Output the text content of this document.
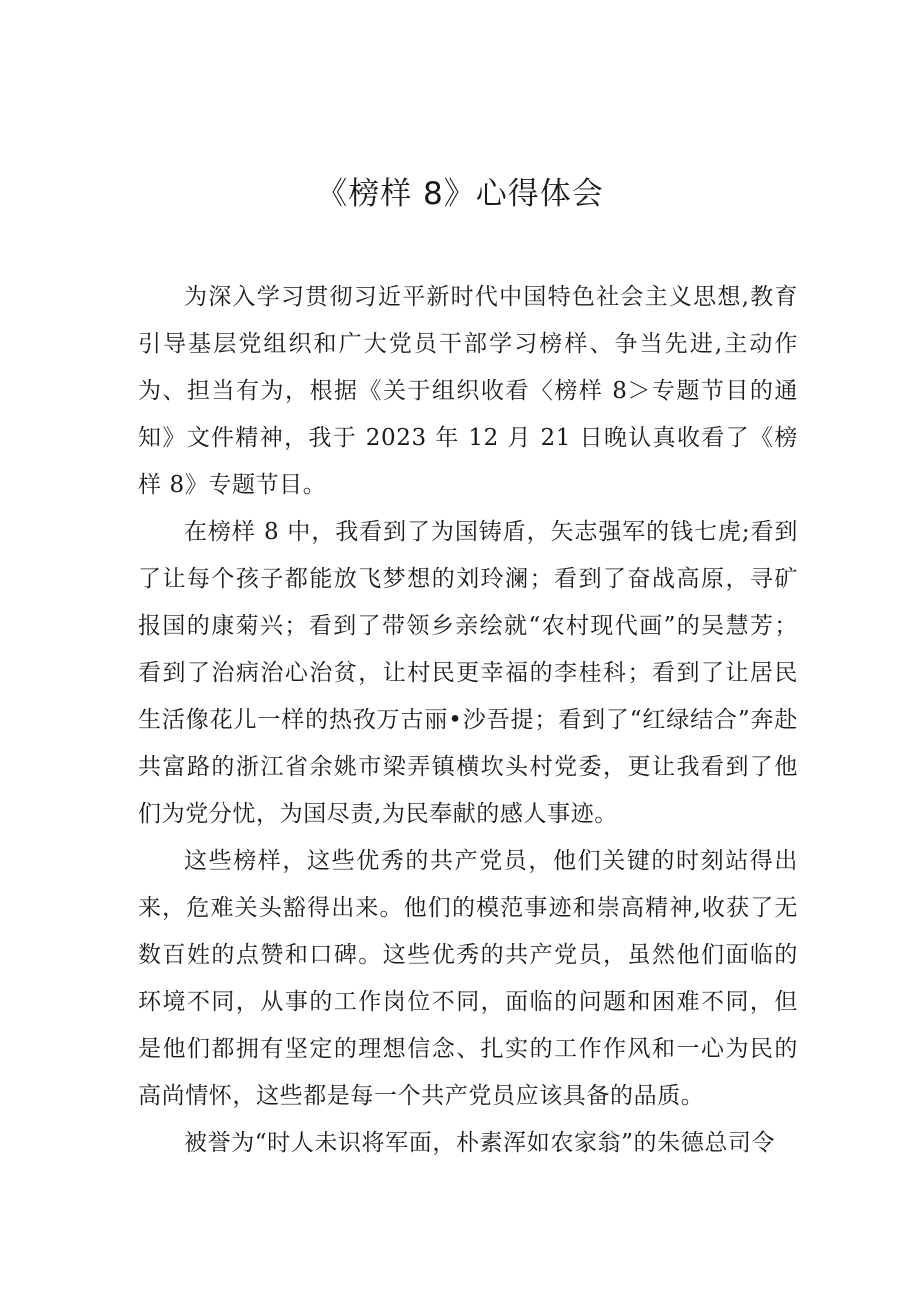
《榜样 8》心得体会

为深入学习贯彻习近平新时代中国特色社会主义思想,教育引导基层党组织和广大党员干部学习榜样、争当先进,主动作为、担当有为，根据《关于组织收看〈榜样 8＞专题节目的通知》文件精神，我于 2023 年 12 月 21 日晚认真收看了《榜样 8》专题节目。

在榜样 8 中，我看到了为国铸盾，矢志强军的钱七虎;看到了让每个孩子都能放飞梦想的刘玲澜；看到了奋战高原，寻矿报国的康菊兴；看到了带领乡亲绘就“农村现代画”的吴慧芳；看到了治病治心治贫，让村民更幸福的李桂科；看到了让居民生活像花儿一样的热孜万古丽•沙吾提；看到了“红绿结合”奔赴共富路的浙江省余姚市梁弄镇横坎头村党委，更让我看到了他们为党分忧，为国尽责,为民奉献的感人事迹。

这些榜样，这些优秀的共产党员，他们关键的时刻站得出来，危难关头豁得出来。他们的模范事迹和崇高精神,收获了无数百姓的点赞和口碑。这些优秀的共产党员，虽然他们面临的环境不同，从事的工作岗位不同，面临的问题和困难不同，但是他们都拥有坚定的理想信念、扎实的工作作风和一心为民的高尚情怀，这些都是每一个共产党员应该具备的品质。

被誉为“时人未识将军面，朴素浑如农家翁”的朱德总司令
